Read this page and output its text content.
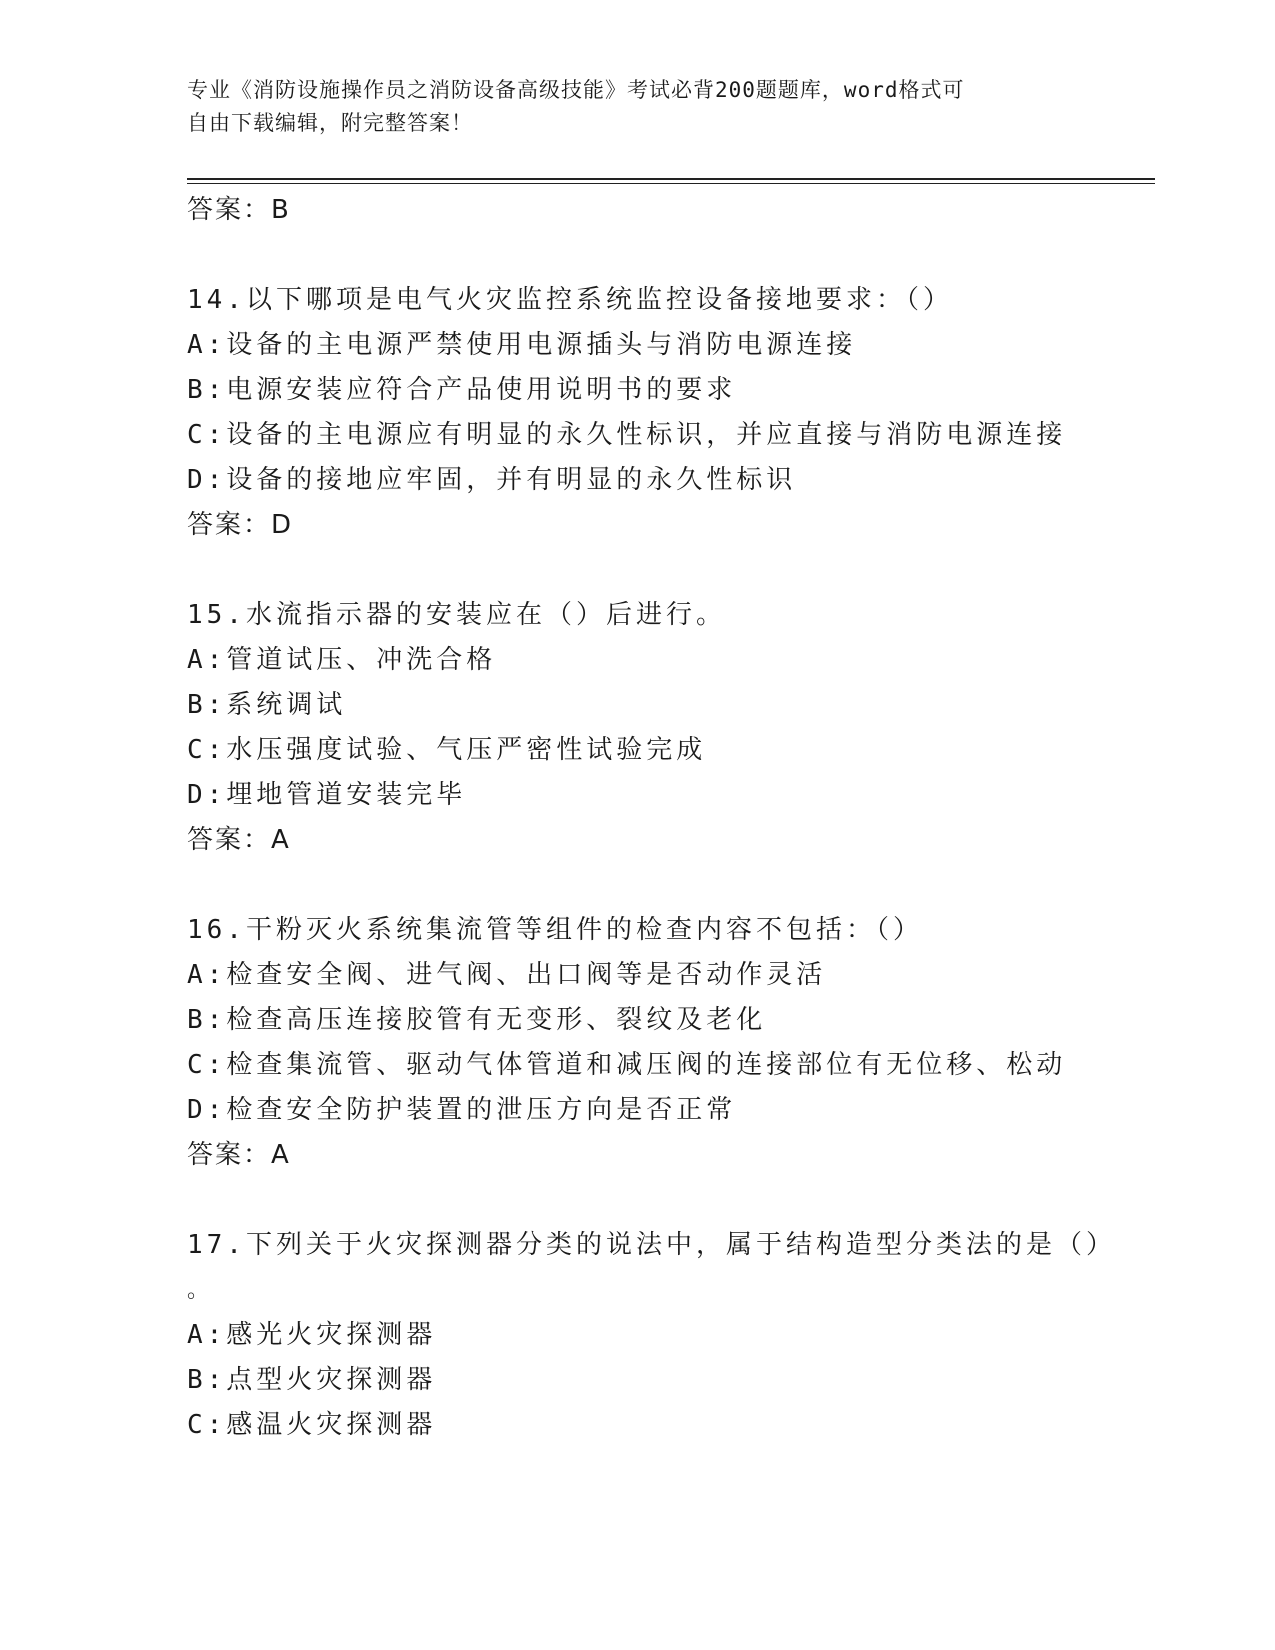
专业《消防设施操作员之消防设备高级技能》考试必背200题题库，word格式可
自由下载编辑，附完整答案！
答案：B
14.以下哪项是电气火灾监控系统监控设备接地要求：（）
A:设备的主电源严禁使用电源插头与消防电源连接
B:电源安装应符合产品使用说明书的要求
C:设备的主电源应有明显的永久性标识，并应直接与消防电源连接
D:设备的接地应牢固，并有明显的永久性标识
答案：D
15.水流指示器的安装应在（）后进行。
A:管道试压、冲洗合格
B:系统调试
C:水压强度试验、气压严密性试验完成
D:埋地管道安装完毕
答案：A
16.干粉灭火系统集流管等组件的检查内容不包括：（）
A:检查安全阀、进气阀、出口阀等是否动作灵活
B:检查高压连接胶管有无变形、裂纹及老化
C:检查集流管、驱动气体管道和减压阀的连接部位有无位移、松动
D:检查安全防护装置的泄压方向是否正常
答案：A
17.下列关于火灾探测器分类的说法中，属于结构造型分类法的是（）
。
A:感光火灾探测器
B:点型火灾探测器
C:感温火灾探测器
